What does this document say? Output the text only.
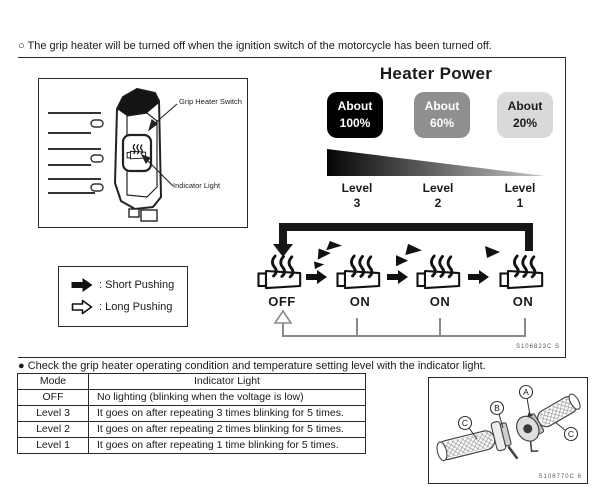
○ The grip heater will be turned off when the ignition switch of the motorcycle has been turned off.
Grip Heater Switch
Indicator Light
: Short Pushing
: Long Pushing
Heater Power
About
100%
About
60%
About
20%
Level
3
Level
2
Level
1
OFF	ON	ON	ON
S106823C S
● Check the grip heater operating condition and temperature setting level with the indicator light.
Mode	Indicator Light
OFF	No lighting (blinking when the voltage is low)
Level 3	It goes on after repeating 3 times blinking for 5 times.
Level 2	It goes on after repeating 2 times blinking for 5 times.
Level 1	It goes on after repeating 1 time blinking for 5 times.
A
B
C
C
S106770C 6
